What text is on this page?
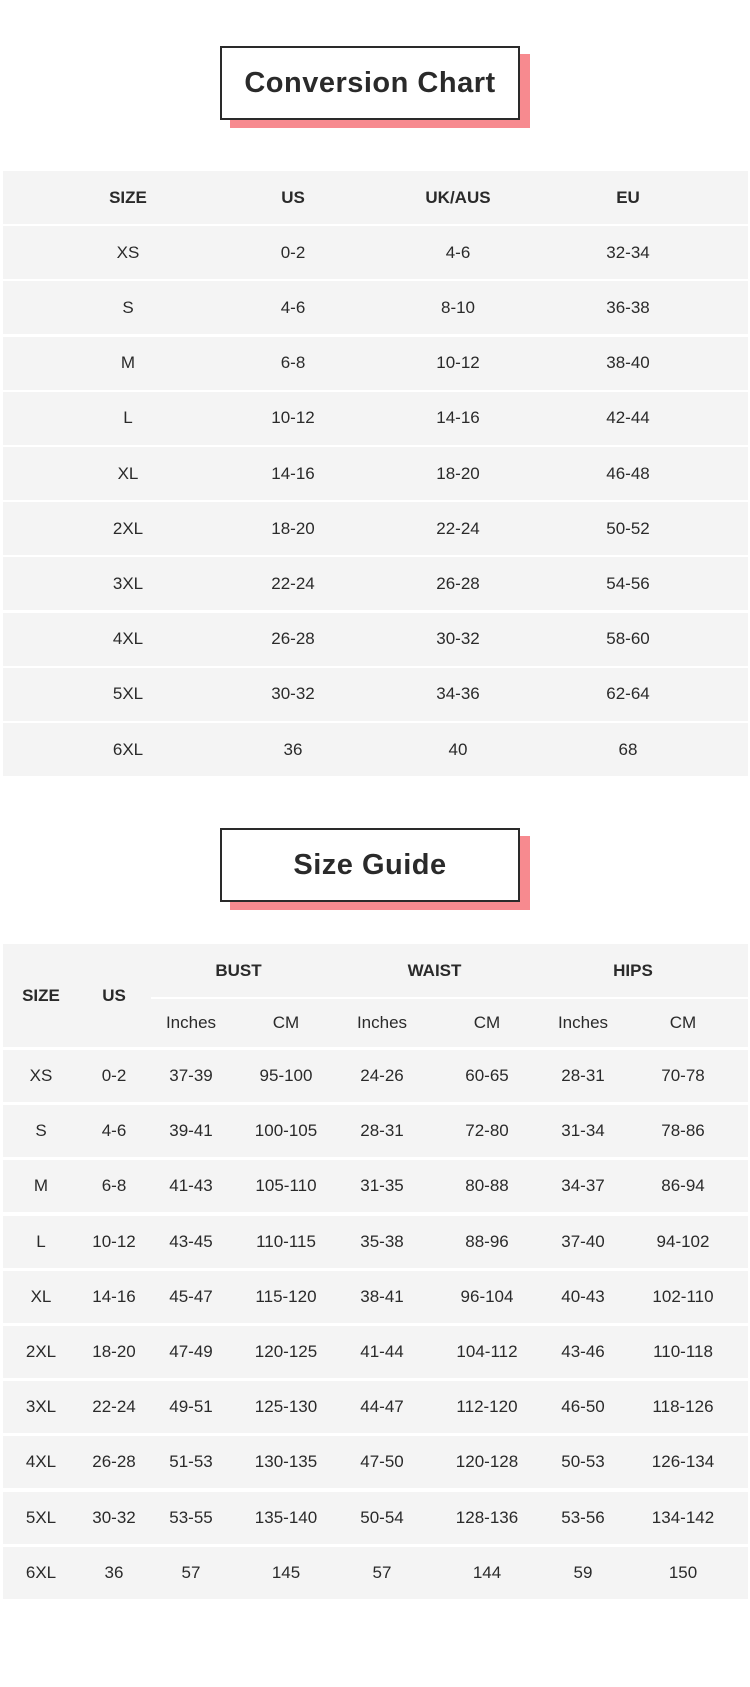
Conversion Chart
SIZE	US	UK/AUS	EU
XS	0-2	4-6	32-34
S	4-6	8-10	36-38
M	6-8	10-12	38-40
L	10-12	14-16	42-44
XL	14-16	18-20	46-48
2XL	18-20	22-24	50-52
3XL	22-24	26-28	54-56
4XL	26-28	30-32	58-60
5XL	30-32	34-36	62-64
6XL	36	40	68
Size Guide
SIZE	US
BUST	WAIST	HIPS
Inches	CM	Inches	CM	Inches	CM
XS	0-2	37-39	95-100	24-26	60-65	28-31	70-78
S	4-6	39-41	100-105	28-31	72-80	31-34	78-86
M	6-8	41-43	105-110	31-35	80-88	34-37	86-94
L	10-12	43-45	110-115	35-38	88-96	37-40	94-102
XL	14-16	45-47	115-120	38-41	96-104	40-43	102-110
2XL	18-20	47-49	120-125	41-44	104-112	43-46	110-118
3XL	22-24	49-51	125-130	44-47	112-120	46-50	118-126
4XL	26-28	51-53	130-135	47-50	120-128	50-53	126-134
5XL	30-32	53-55	135-140	50-54	128-136	53-56	134-142
6XL	36	57	145	57	144	59	150
